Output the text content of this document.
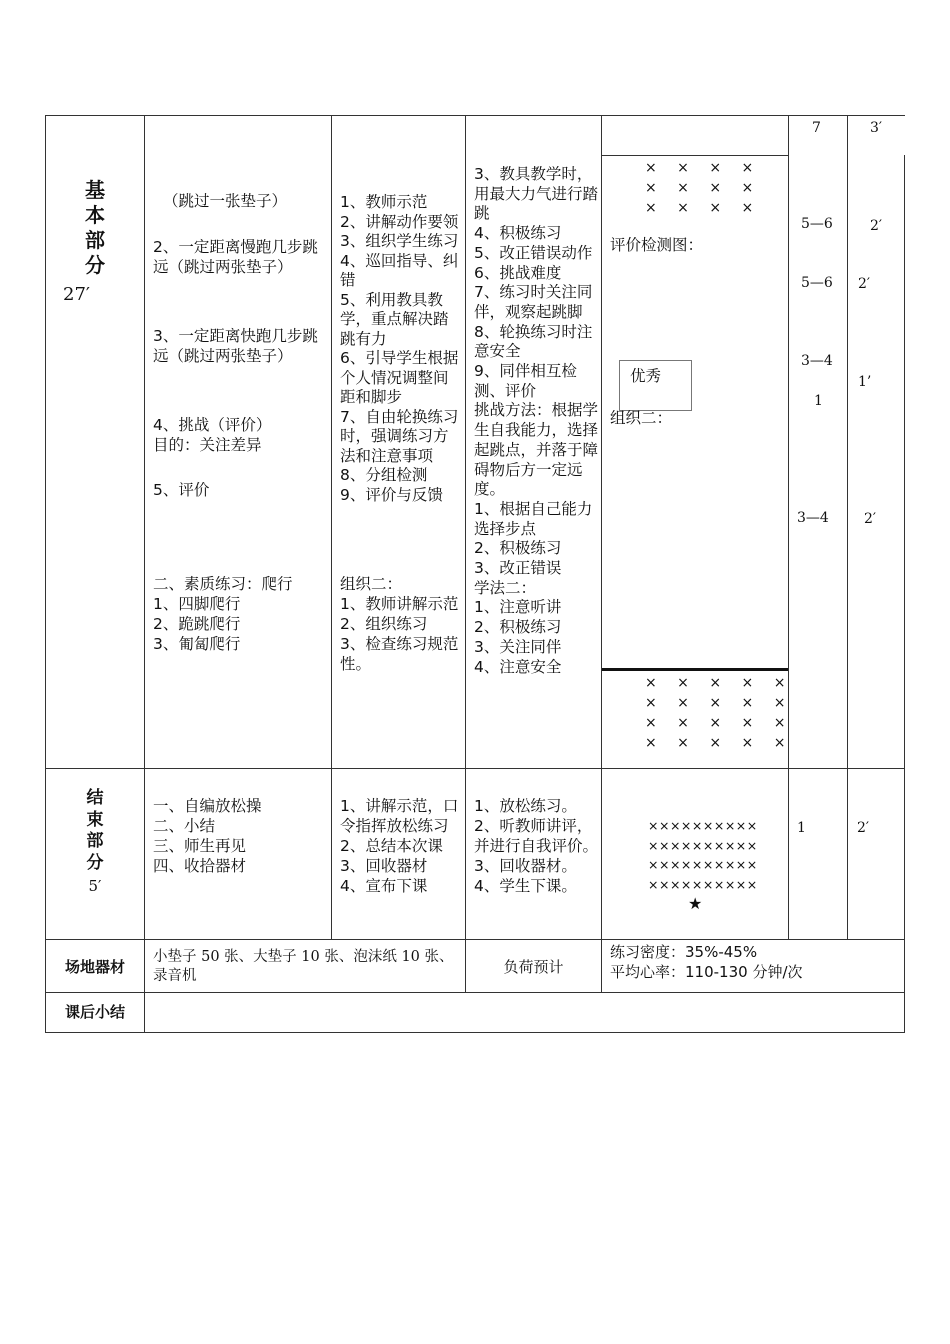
基
本
部
分
27′
（跳过一张垫子）
2、一定距离慢跑几步跳远（跳过两张垫子）
3、一定距离快跑几步跳远（跳过两张垫子）
4、挑战（评价）
目的：关注差异
5、评价
二、素质练习：爬行
1、四脚爬行
2、跪跳爬行
3、匍匐爬行
1、教师示范
2、讲解动作要领
3、组织学生练习
4、巡回指导、纠错
5、利用教具教学，重点解决踏跳有力
6、引导学生根据个人情况调整间距和脚步
7、自由轮换练习时，强调练习方法和注意事项
8、分组检测
9、评价与反馈
组织二：
1、教师讲解示范
2、组织练习
3、检查练习规范性。
3、教具教学时，用最大力气进行踏跳
4、积极练习
5、改正错误动作
6、挑战难度
7、练习时关注同伴，观察起跳脚
8、轮换练习时注意安全
9、同伴相互检测、评价
挑战方法：根据学生自我能力，选择起跳点，并落于障碍物后方一定远度。
1、根据自己能力选择步点
2、积极练习
3、改正错误
学法二：
1、注意听讲
2、积极练习
3、关注同伴
4、注意安全
× × × ×
× × × ×
× × × ×
评价检测图：
优秀
组织二：
× × × × ×
× × × × ×
× × × × ×
× × × × ×
7
5—6
5—6
3—4
1
3—4
3′
2′
2′
1’
2′
结
束
部
分
5′
一、自编放松操
二、小结
三、师生再见
四、收拾器材
1、讲解示范，口令指挥放松练习
2、总结本次课
3、回收器材
4、宣布下课
1、放松练习。
2、听教师讲评，并进行自我评价。
3、回收器材。
4、学生下课。
××××××××××
××××××××××
××××××××××
××××××××××
★
1	2′
场地器材
小垫子 50 张、大垫子 10 张、泡沫纸 10 张、录音机	负荷预计
练习密度：35%-45%
平均心率：110-130 分钟/次
课后小结
